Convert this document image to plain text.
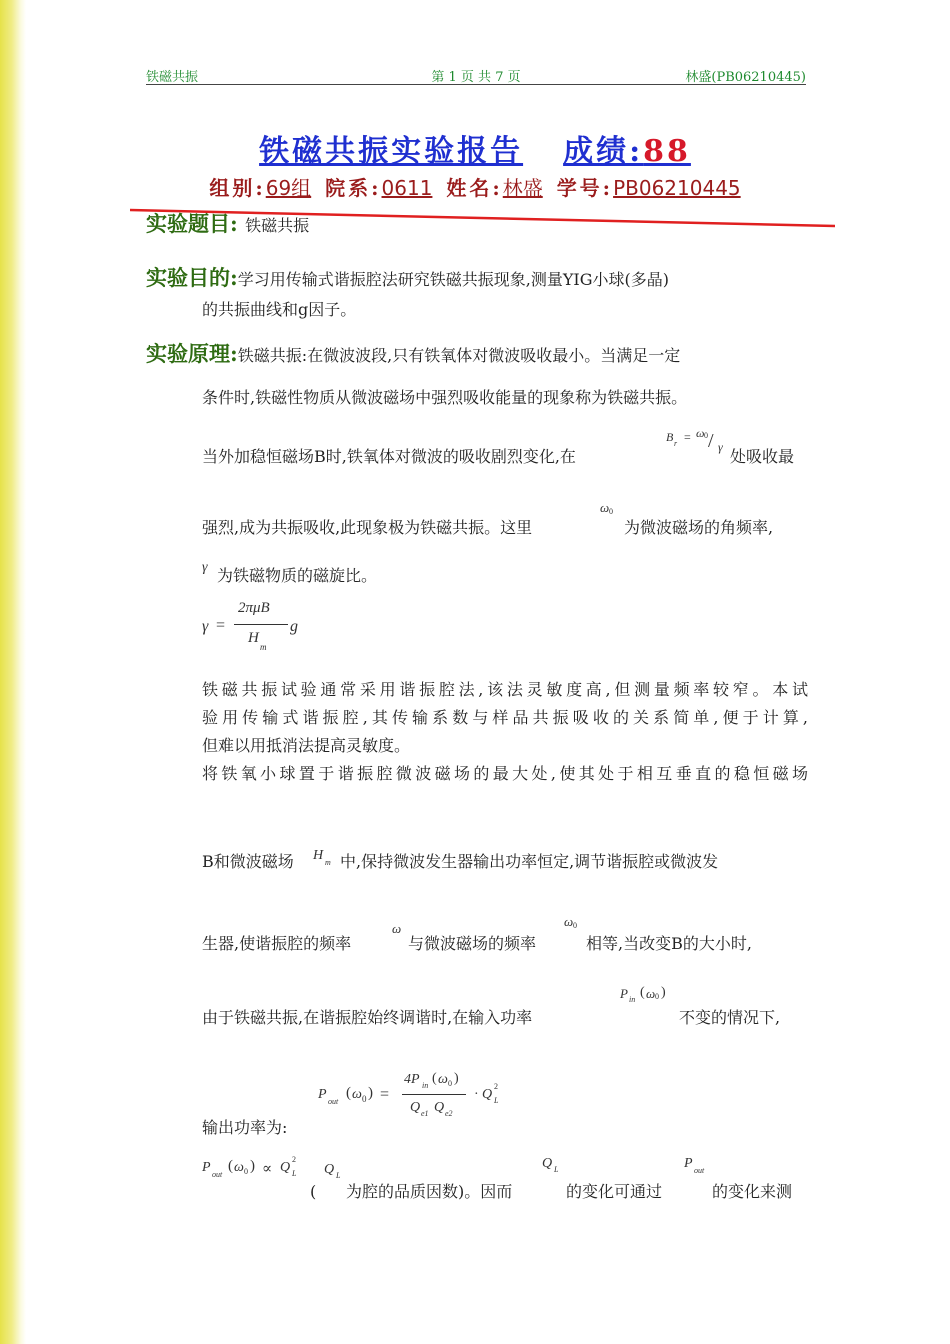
铁磁共振	第 1 页 共 7 页	林盛(PB06210445)
铁磁共振实验报告 成绩:88
组别:69组 院系:0611 姓名:林盛 学号:PB06210445
实验题目: 铁磁共振
实验目的:学习用传输式谐振腔法研究铁磁共振现象,测量YIG小球(多晶)
的共振曲线和g因子。
实验原理:铁磁共振:在微波波段,只有铁氧体对微波吸收最小。当满足一定
条件时,铁磁性物质从微波磁场中强烈吸收能量的现象称为铁磁共振。
当外加稳恒磁场B时,铁氧体对微波的吸收剧烈变化,在
B r = ω 0 / γ 处吸收最
强烈,成为共振吸收,此现象极为铁磁共振。这里
ω 0
为微波磁场的角频率,
γ 为铁磁物质的磁旋比。
γ =
2πμB
H
m
g
铁磁共振试验通常采用谐振腔法,该法灵敏度高,但测量频率较窄。本试
验用传输式谐振腔,其传输系数与样品共振吸收的关系简单,便于计算,
但难以用抵消法提高灵敏度。
将铁氧小球置于谐振腔微波磁场的最大处,使其处于相互垂直的稳恒磁场
B和微波磁场	H m 中,保持微波发生器输出功率恒定,调节谐振腔或微波发
生器,使谐振腔的频率
ω
与微波磁场的频率
ω 0
相等,当改变B的大小时,
由于铁磁共振,在谐振腔始终调谐时,在输入功率
P in ( ω 0 )
不变的情况下,
P out
( ω 0 ) =
4P in ( ω 0 )
Q e1 Q e2
· Q
2
L
输出功率为:
P out
( ω 0 ) ∝ Q
2
L
(
Q L
为腔的品质因数)。因而
Q L
的变化可通过
P out
的变化来测
